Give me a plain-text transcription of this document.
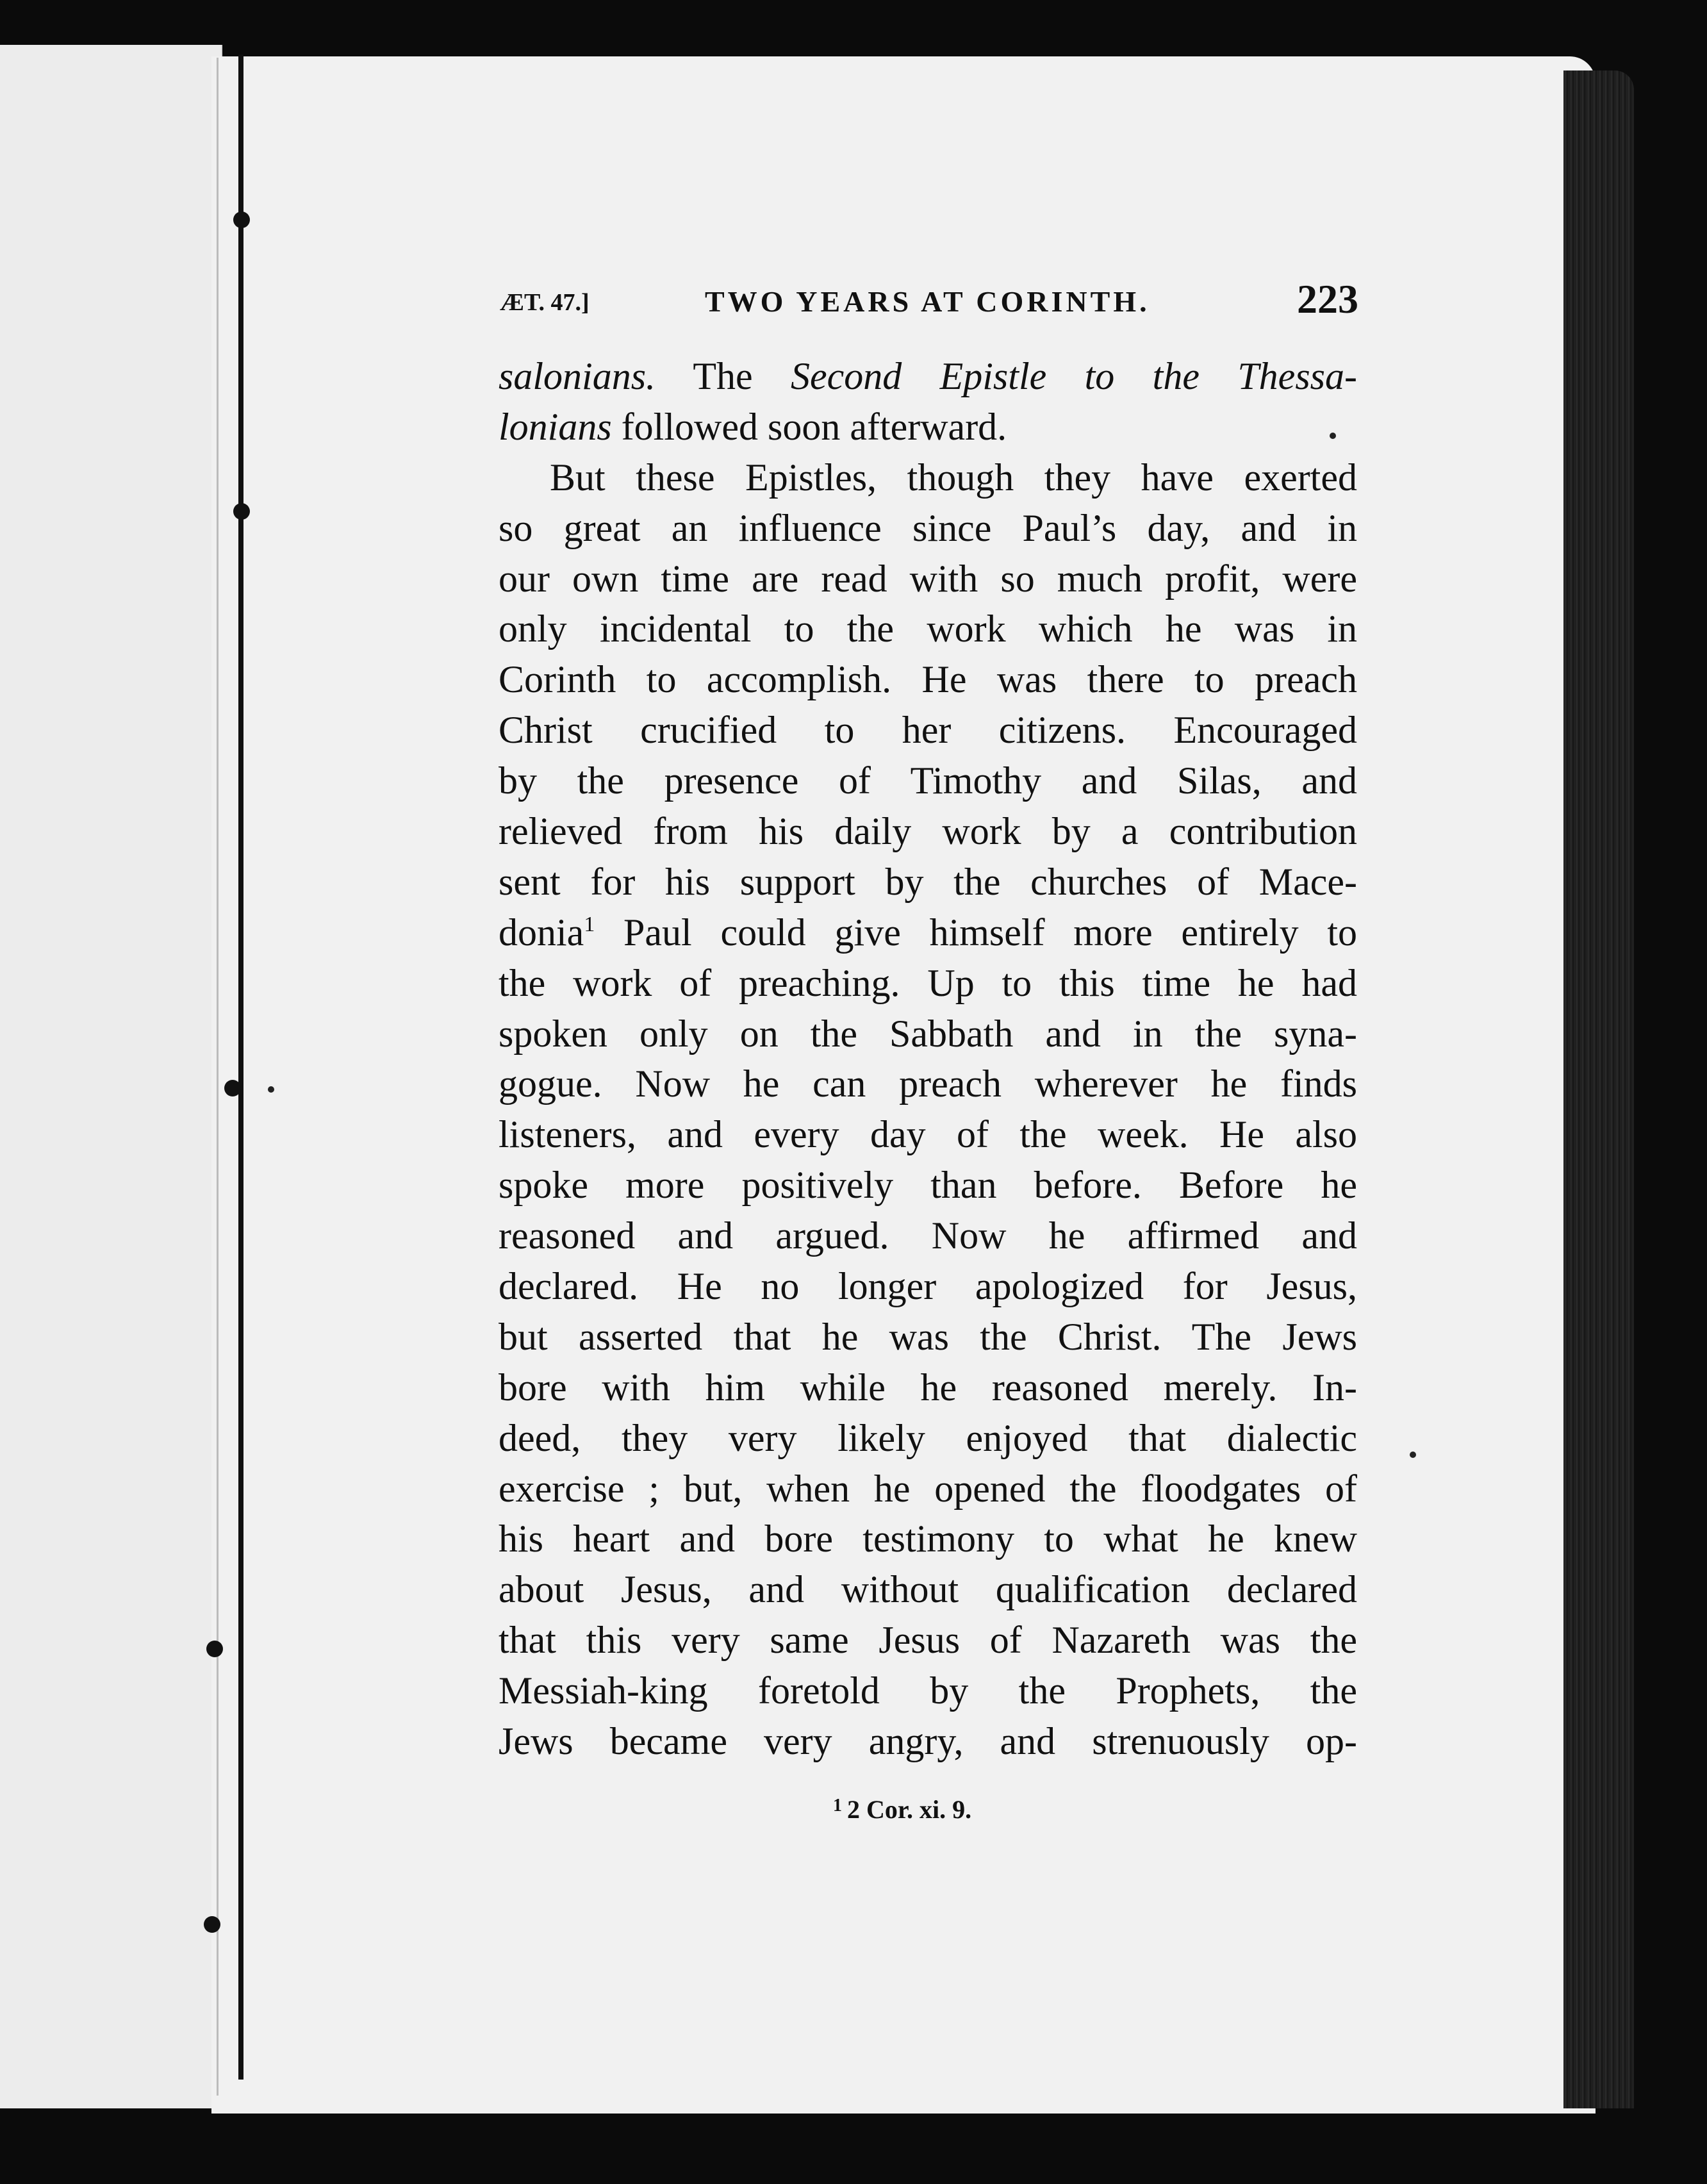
ÆT. 47.]	TWO YEARS AT CORINTH.	223
salonians. The Second Epistle to the Thessa-
lonians followed soon afterward.
But these Epistles, though they have exerted
so great an influence since Paul’s day, and in
our own time are read with so much profit, were
only incidental to the work which he was in
Corinth to accomplish. He was there to preach
Christ crucified to her citizens. Encouraged
by the presence of Timothy and Silas, and
relieved from his daily work by a contribution
sent for his support by the churches of Mace-
donia$^1$ Paul could give himself more entirely to
the work of preaching. Up to this time he had
spoken only on the Sabbath and in the syna-
gogue. Now he can preach wherever he finds
listeners, and every day of the week. He also
spoke more positively than before. Before he
reasoned and argued. Now he affirmed and
declared. He no longer apologized for Jesus,
but asserted that he was the Christ. The Jews
bore with him while he reasoned merely. In-
deed, they very likely enjoyed that dialectic
exercise ; but, when he opened the floodgates of
his heart and bore testimony to what he knew
about Jesus, and without qualification declared
that this very same Jesus of Nazareth was the
Messiah-king foretold by the Prophets, the
Jews became very angry, and strenuously op-
$^1$ 2 Cor. xi. 9.
